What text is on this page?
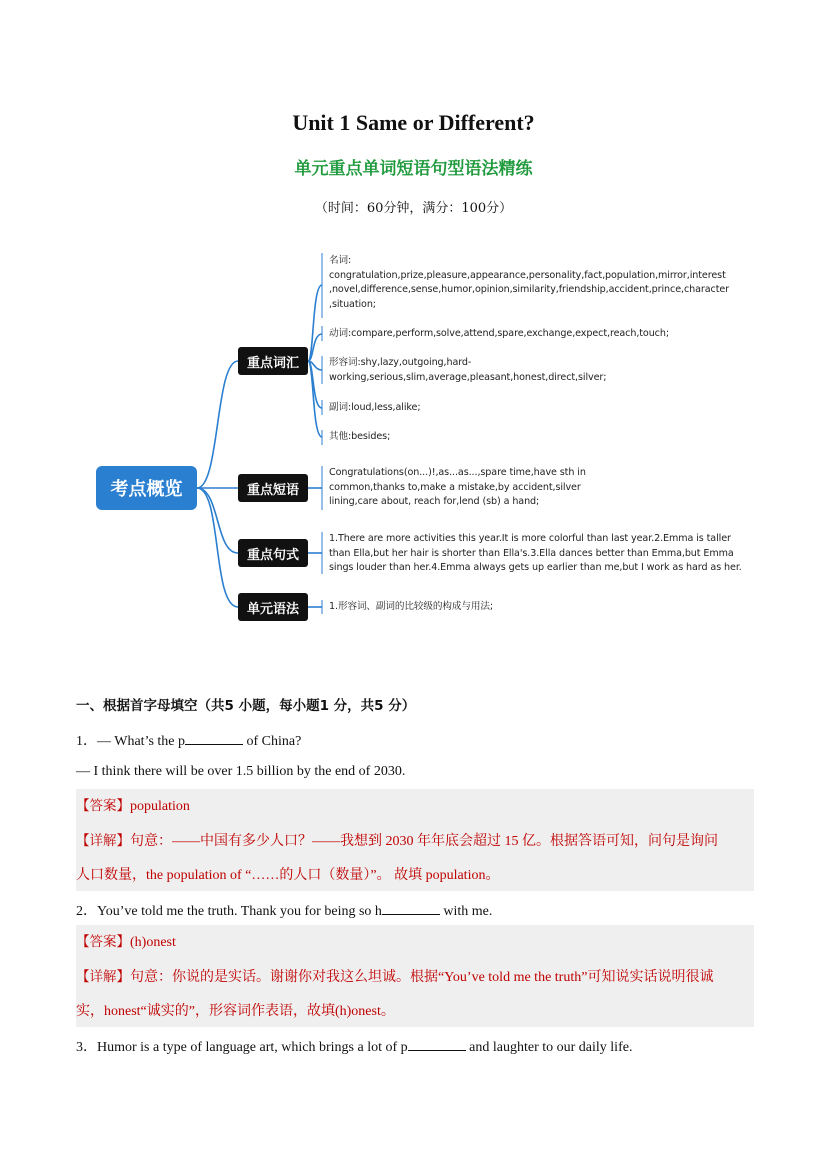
Unit 1 Same or Different?
单元重点单词短语句型语法精练
（时间：60分钟，满分：100分）
考点概览
重点词汇
重点短语
重点句式
单元语法
名词:
congratulation,prize,pleasure,appearance,personality,fact,population,mirror,interest
,novel,difference,sense,humor,opinion,similarity,friendship,accident,prince,character
,situation;
动词:compare,perform,solve,attend,spare,exchange,expect,reach,touch;
形容词:shy,lazy,outgoing,hard-
working,serious,slim,average,pleasant,honest,direct,silver;
副词:loud,less,alike;
其他:besides;
Congratulations(on...)!,as...as...,spare time,have sth in
common,thanks to,make a mistake,by accident,silver
lining,care about, reach for,lend (sb) a hand;
1.There are more activities this year.It is more colorful than last year.2.Emma is taller
than Ella,but her hair is shorter than Ella's.3.Ella dances better than Emma,but Emma
sings louder than her.4.Emma always gets up earlier than me,but I work as hard as her.
1.形容词、副词的比较级的构成与用法;
一、根据首字母填空（共5 小题，每小题1 分，共5 分）
1．— What’s the p	of China?
— I think there will be over 1.5 billion by the end of 2030.
【答案】population
【详解】句意：——中国有多少人口？——我想到 2030 年年底会超过 15 亿。根据答语可知，问句是询问
人口数量，the population of “……的人口（数量）”。 故填 population。
2．You’ve told me the truth. Thank you for being so h	with me.
【答案】(h)onest
【详解】句意：你说的是实话。谢谢你对我这么坦诚。根据“You’ve told me the truth”可知说实话说明很诚
实，honest“诚实的”，形容词作表语，故填(h)onest。
3．Humor is a type of language art, which brings a lot of p	and laughter to our daily life.
